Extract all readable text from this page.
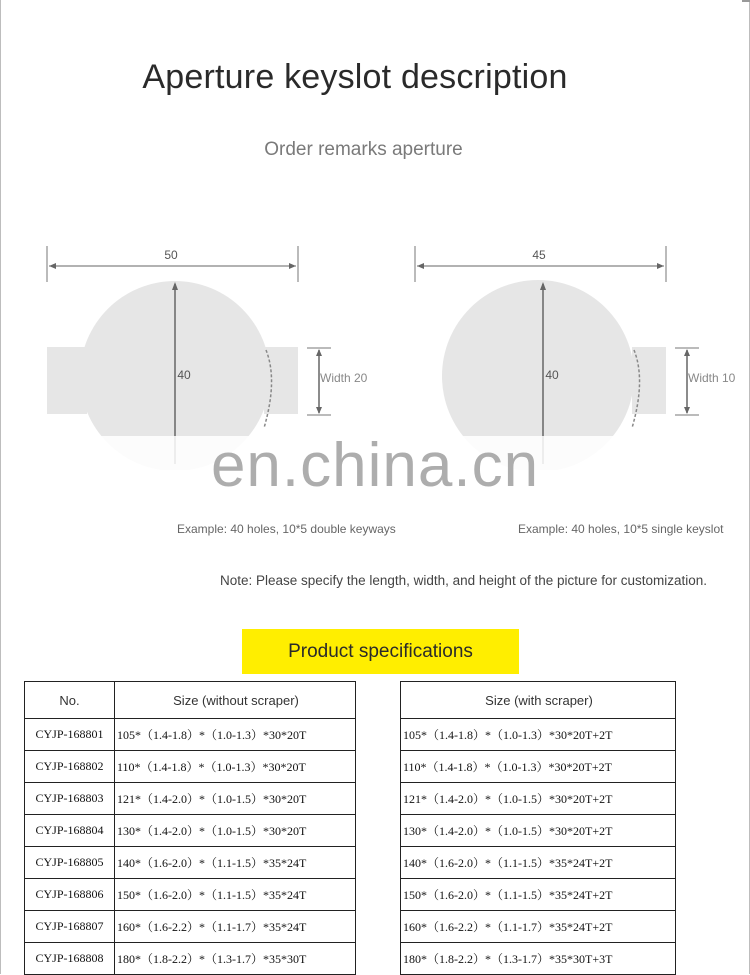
Aperture keyslot description
Order remarks aperture
50
40	Width 20
45
40	Width 10
en.china.cn
Example: 40 holes, 10*5 double keyways	Example: 40 holes, 10*5 single keyslot
Note: Please specify the length, width, and height of the picture for customization.
Product specifications
No.	Size (without scraper)
CYJP-168801	105*（1.4-1.8）*（1.0-1.3）*30*20T
CYJP-168802	110*（1.4-1.8）*（1.0-1.3）*30*20T
CYJP-168803	121*（1.4-2.0）*（1.0-1.5）*30*20T
CYJP-168804	130*（1.4-2.0）*（1.0-1.5）*30*20T
CYJP-168805	140*（1.6-2.0）*（1.1-1.5）*35*24T
CYJP-168806	150*（1.6-2.0）*（1.1-1.5）*35*24T
CYJP-168807	160*（1.6-2.2）*（1.1-1.7）*35*24T
CYJP-168808	180*（1.8-2.2）*（1.3-1.7）*35*30T
Size (with scraper)
105*（1.4-1.8）*（1.0-1.3）*30*20T+2T
110*（1.4-1.8）*（1.0-1.3）*30*20T+2T
121*（1.4-2.0）*（1.0-1.5）*30*20T+2T
130*（1.4-2.0）*（1.0-1.5）*30*20T+2T
140*（1.6-2.0）*（1.1-1.5）*35*24T+2T
150*（1.6-2.0）*（1.1-1.5）*35*24T+2T
160*（1.6-2.2）*（1.1-1.7）*35*24T+2T
180*（1.8-2.2）*（1.3-1.7）*35*30T+3T
